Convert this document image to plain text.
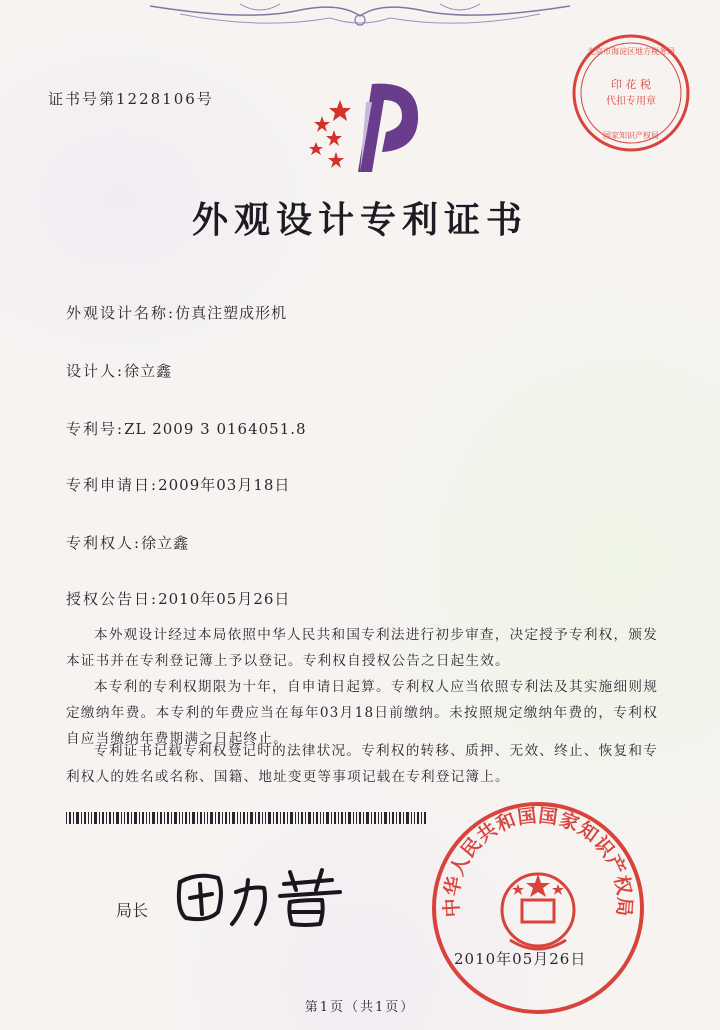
证书号第1228106号
印 花 税
代扣专用章
北京市海淀区地方税务局
国家知识产权局
外观设计专利证书
外观设计名称:仿真注塑成形机
设计人:徐立鑫
专利号:ZL 2009 3 0164051.8
专利申请日:2009年03月18日
专利权人:徐立鑫
授权公告日:2010年05月26日
本外观设计经过本局依照中华人民共和国专利法进行初步审查，决定授予专利权，颁发本证书并在专利登记簿上予以登记。专利权自授权公告之日起生效。
本专利的专利权期限为十年，自申请日起算。专利权人应当依照专利法及其实施细则规定缴纳年费。本专利的年费应当在每年03月18日前缴纳。未按照规定缴纳年费的，专利权自应当缴纳年费期满之日起终止。
专利证书记载专利权登记时的法律状况。专利权的转移、质押、无效、终止、恢复和专利权人的姓名或名称、国籍、地址变更等事项记载在专利登记簿上。
局长	中华人民共和国国家知识产权局
2010年05月26日
第1页（共1页）
